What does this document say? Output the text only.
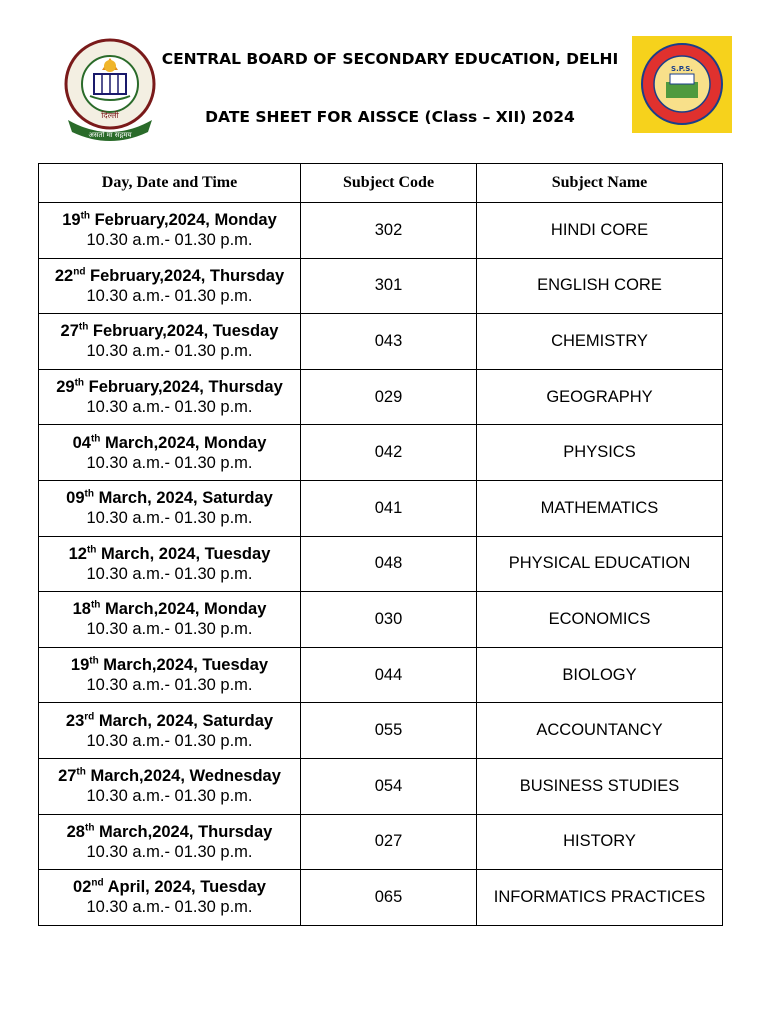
असतो मा सद्गमय
दिल्ली
S.P.S.
CENTRAL BOARD OF SECONDARY EDUCATION, DELHI
DATE SHEET FOR AISSCE (Class – XII) 2024
Day, Date and Time	Subject Code	Subject Name

19th February,2024, Monday
10.30 a.m.- 01.30 p.m.	302	HINDI CORE

22nd February,2024, Thursday
10.30 a.m.- 01.30 p.m.	301	ENGLISH CORE

27th February,2024, Tuesday
10.30 a.m.- 01.30 p.m.	043	CHEMISTRY

29th February,2024, Thursday
10.30 a.m.- 01.30 p.m.	029	GEOGRAPHY

04th March,2024, Monday
10.30 a.m.- 01.30 p.m.	042	PHYSICS

09th March, 2024, Saturday
10.30 a.m.- 01.30 p.m.	041	MATHEMATICS

12th March, 2024, Tuesday
10.30 a.m.- 01.30 p.m.	048	PHYSICAL EDUCATION

18th March,2024, Monday
10.30 a.m.- 01.30 p.m.	030	ECONOMICS

19th March,2024, Tuesday
10.30 a.m.- 01.30 p.m.	044	BIOLOGY

23rd March, 2024, Saturday
10.30 a.m.- 01.30 p.m.	055	ACCOUNTANCY

27th March,2024, Wednesday
10.30 a.m.- 01.30 p.m.	054	BUSINESS STUDIES

28th March,2024, Thursday
10.30 a.m.- 01.30 p.m.	027	HISTORY

02nd April, 2024, Tuesday
10.30 a.m.- 01.30 p.m.	065	INFORMATICS PRACTICES
